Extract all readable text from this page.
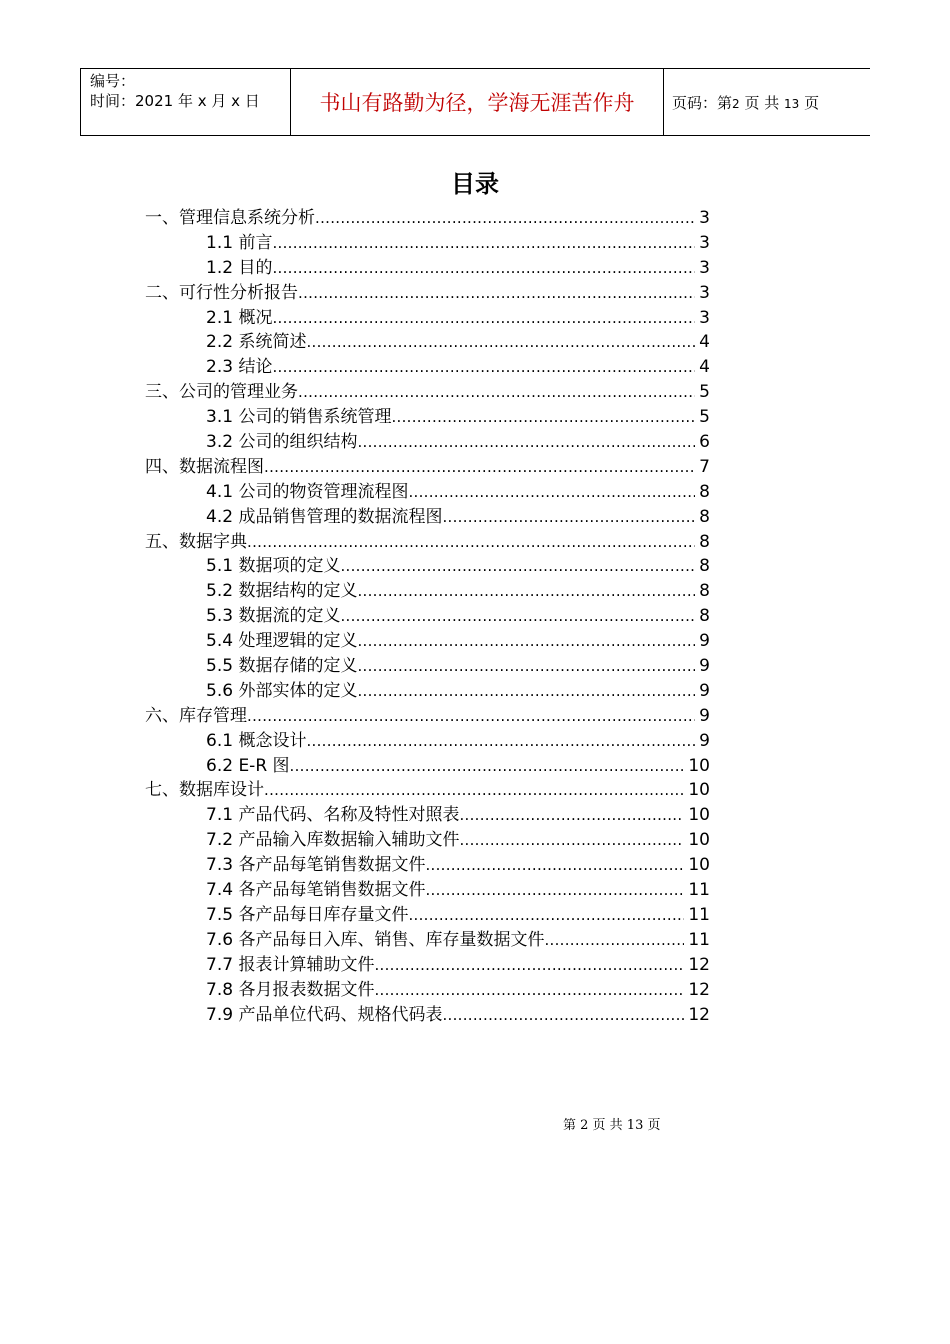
编号：
时间：2021 年 x 月 x 日	书山有路勤为径，学海无涯苦作舟	页码：第2 页 共 13 页
目录
一、管理信息系统分析 .....	3
1.1 前言 .....	3
1.2 目的 .....	3
二、可行性分析报告 .....	3
2.1 概况 .....	3
2.2 系统简述 .....	4
2.3 结论 .....	4
三、公司的管理业务 .....	5
3.1 公司的销售系统管理 .....	5
3.2 公司的组织结构 .....	6
四、数据流程图 .....	7
4.1 公司的物资管理流程图 .....	8
4.2 成品销售管理的数据流程图 .....	8
五、数据字典 .....	8
5.1 数据项的定义 .....	8
5.2 数据结构的定义 .....	8
5.3 数据流的定义 .....	8
5.4 处理逻辑的定义 .....	9
5.5 数据存储的定义 .....	9
5.6 外部实体的定义 .....	9
六、库存管理 .....	9
6.1 概念设计 .....	9
6.2 E-R 图 .....	10
七、数据库设计 .....	10
7.1 产品代码、名称及特性对照表 .....	10
7.2 产品输入库数据输入辅助文件 .....	10
7.3 各产品每笔销售数据文件 .....	10
7.4 各产品每笔销售数据文件 .....	11
7.5 各产品每日库存量文件 .....	11
7.6 各产品每日入库、销售、库存量数据文件 .....	11
7.7 报表计算辅助文件 .....	12
7.8 各月报表数据文件 .....	12
7.9 产品单位代码、规格代码表 .....	12
第 2 页 共 13 页
